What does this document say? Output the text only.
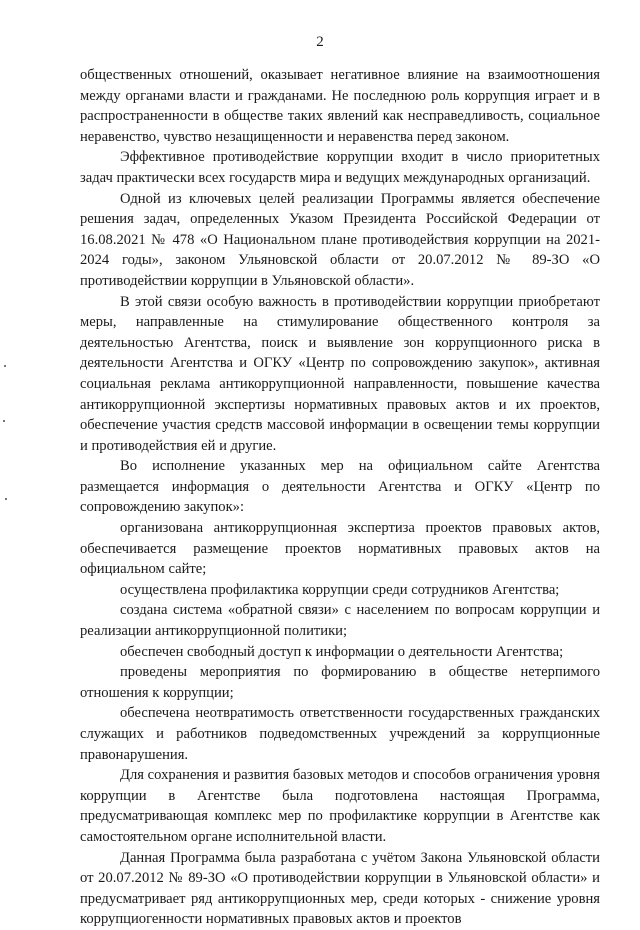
2

общественных отношений, оказывает негативное влияние на взаимоотношения между органами власти и гражданами. Не последнюю роль коррупция играет и в распространенности в обществе таких явлений как несправедливость, социальное неравенство, чувство незащищенности и неравенства перед законом.

Эффективное противодействие коррупции входит в число приоритетных задач практически всех государств мира и ведущих международных организаций.

Одной из ключевых целей реализации Программы является обеспечение решения задач, определенных Указом Президента Российской Федерации от 16.08.2021 № 478 «О Национальном плане противодействия коррупции на 2021-2024 годы», законом Ульяновской области от 20.07.2012 № 89-ЗО «О противодействии коррупции в Ульяновской области».

В этой связи особую важность в противодействии коррупции приобретают меры, направленные на стимулирование общественного контроля за деятельностью Агентства, поиск и выявление зон коррупционного риска в деятельности Агентства и ОГКУ «Центр по сопровождению закупок», активная социальная реклама антикоррупционной направленности, повышение качества антикоррупционной экспертизы нормативных правовых актов и их проектов, обеспечение участия средств массовой информации в освещении темы коррупции и противодействия ей и другие.

Во исполнение указанных мер на официальном сайте Агентства размещается информация о деятельности Агентства и ОГКУ «Центр по сопровождению закупок»:

организована антикоррупционная экспертиза проектов правовых актов, обеспечивается размещение проектов нормативных правовых актов на официальном сайте;

осуществлена профилактика коррупции среди сотрудников Агентства;

создана система «обратной связи» с населением по вопросам коррупции и реализации антикоррупционной политики;

обеспечен свободный доступ к информации о деятельности Агентства;

проведены мероприятия по формированию в обществе нетерпимого отношения к коррупции;

обеспечена неотвратимость ответственности государственных гражданских служащих и работников подведомственных учреждений за коррупционные правонарушения.

Для сохранения и развития базовых методов и способов ограничения уровня коррупции в Агентстве была подготовлена настоящая Программа, предусматривающая комплекс мер по профилактике коррупции в Агентстве как самостоятельном органе исполнительной власти.

Данная Программа была разработана с учётом Закона Ульяновской области от 20.07.2012 № 89-ЗО «О противодействии коррупции в Ульяновской области» и предусматривает ряд антикоррупционных мер, среди которых - снижение уровня коррупциогенности нормативных правовых актов и проектов
